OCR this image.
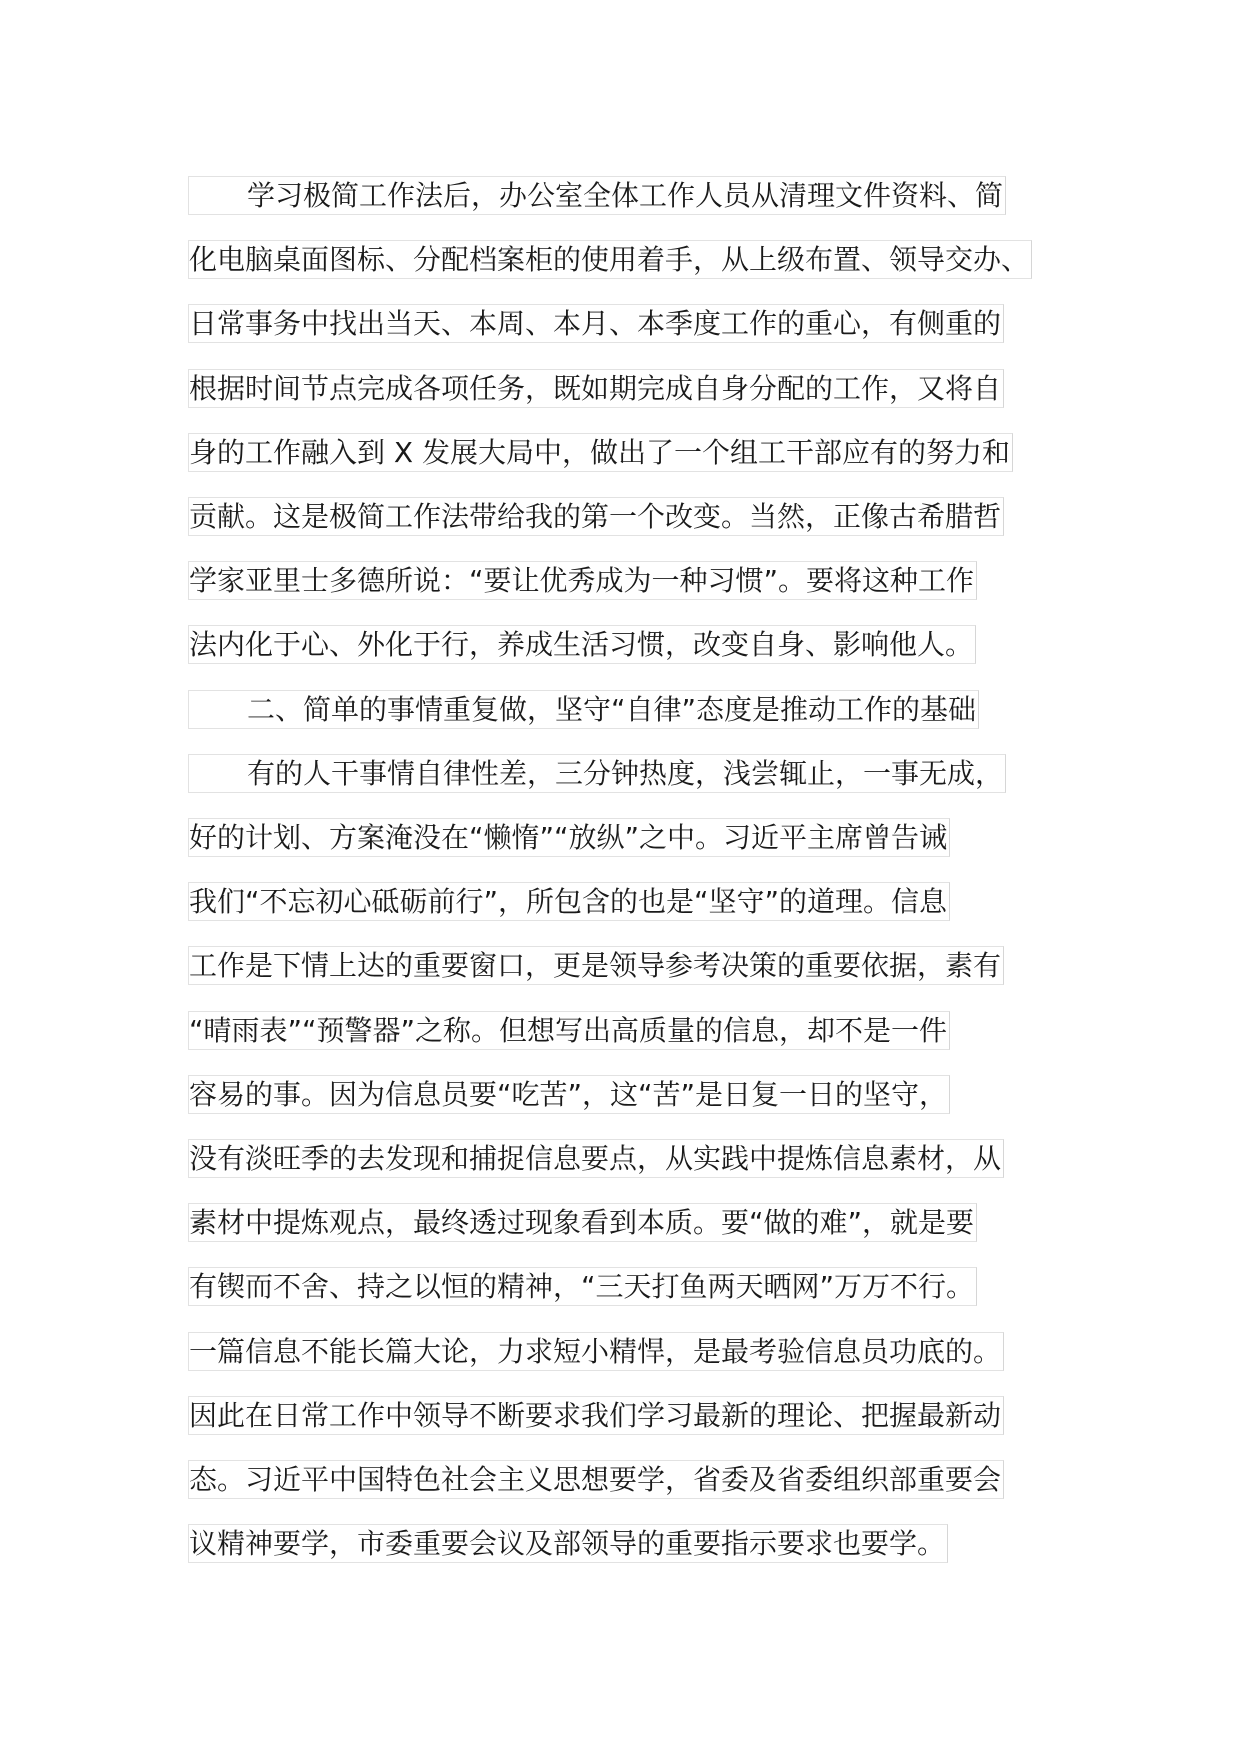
学习极简工作法后，办公室全体工作人员从清理文件资料、简
化电脑桌面图标、分配档案柜的使用着手，从上级布置、领导交办、
日常事务中找出当天、本周、本月、本季度工作的重心，有侧重的
根据时间节点完成各项任务，既如期完成自身分配的工作，又将自
身的工作融入到 X 发展大局中，做出了一个组工干部应有的努力和
贡献。这是极简工作法带给我的第一个改变。当然，正像古希腊哲
学家亚里士多德所说：“要让优秀成为一种习惯”。要将这种工作
法内化于心、外化于行，养成生活习惯，改变自身、影响他人。
二、简单的事情重复做，坚守“自律”态度是推动工作的基础
有的人干事情自律性差，三分钟热度，浅尝辄止，一事无成，
好的计划、方案淹没在“懒惰”“放纵”之中。习近平主席曾告诫
我们“不忘初心砥砺前行”，所包含的也是“坚守”的道理。信息
工作是下情上达的重要窗口，更是领导参考决策的重要依据，素有
“晴雨表”“预警器”之称。但想写出高质量的信息，却不是一件
容易的事。因为信息员要“吃苦”，这“苦”是日复一日的坚守，
没有淡旺季的去发现和捕捉信息要点，从实践中提炼信息素材，从
素材中提炼观点，最终透过现象看到本质。要“做的难”，就是要
有锲而不舍、持之以恒的精神，“三天打鱼两天晒网”万万不行。
一篇信息不能长篇大论，力求短小精悍，是最考验信息员功底的。
因此在日常工作中领导不断要求我们学习最新的理论、把握最新动
态。习近平中国特色社会主义思想要学，省委及省委组织部重要会
议精神要学，市委重要会议及部领导的重要指示要求也要学。
